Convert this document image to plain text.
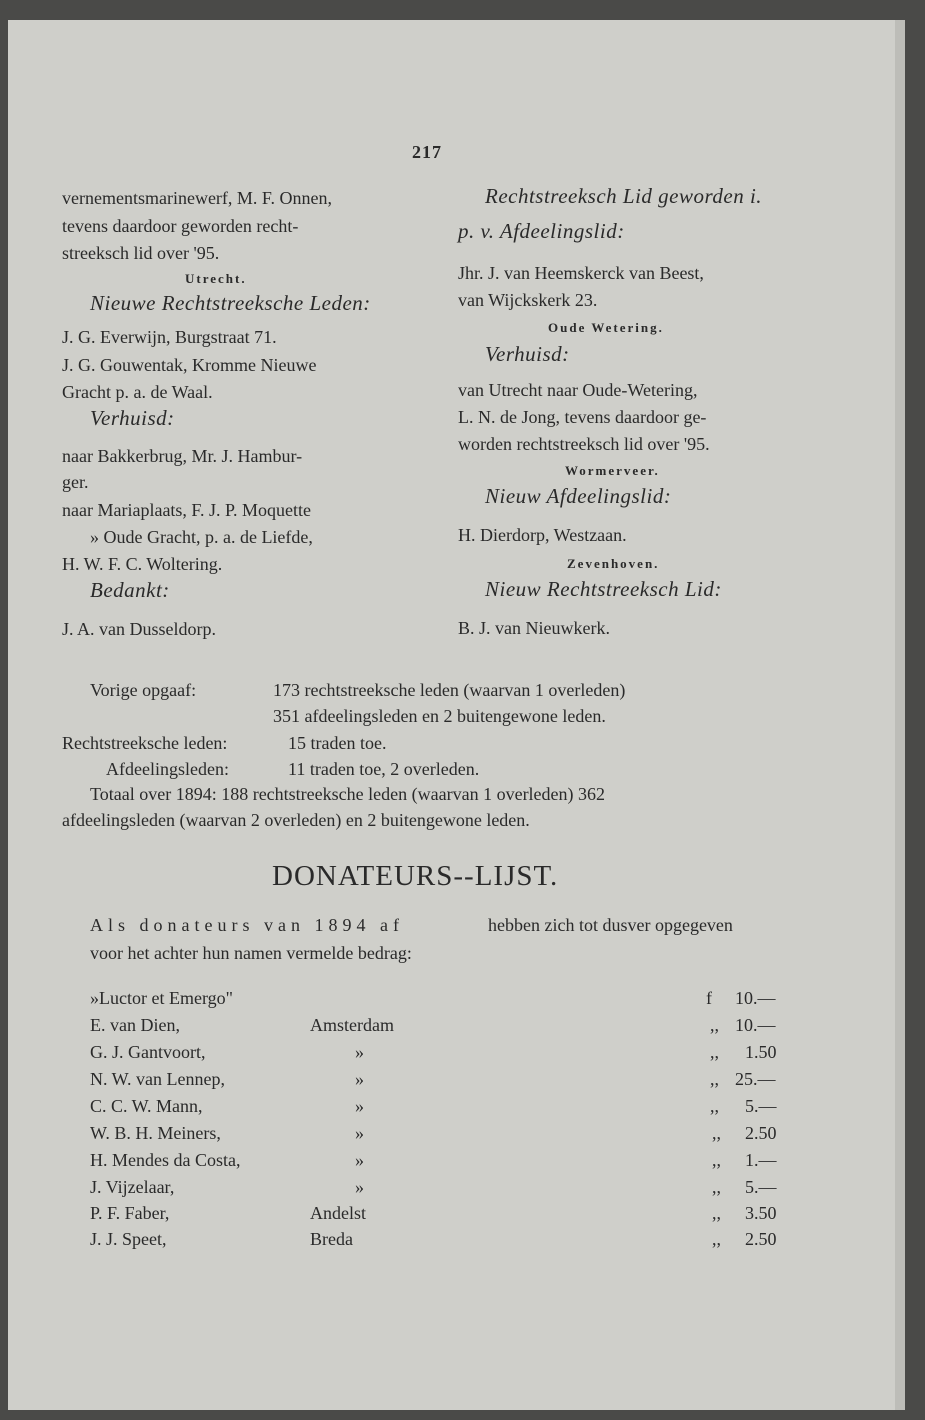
217
vernementsmarinewerf, M. F. Onnen,
tevens daardoor geworden recht-
streeksch lid over '95.
Utrecht.
Nieuwe Rechtstreeksche Leden:
J. G. Everwijn, Burgstraat 71.
J. G. Gouwentak, Kromme Nieuwe
Gracht p. a. de Waal.
Verhuisd:
naar Bakkerbrug, Mr. J. Hambur-
ger.
naar Mariaplaats, F. J. P. Moquette
» Oude Gracht, p. a. de Liefde,
H. W. F. C. Woltering.
Bedankt:
J. A. van Dusseldorp.
Rechtstreeksch Lid geworden i.
p. v. Afdeelingslid:
Jhr. J. van Heemskerck van Beest,
van Wijckskerk 23.
Oude Wetering.
Verhuisd:
van Utrecht naar Oude-Wetering,
L. N. de Jong, tevens daardoor ge-
worden rechtstreeksch lid over '95.
Wormerveer.
Nieuw Afdeelingslid:
H. Dierdorp, Westzaan.
Zevenhoven.
Nieuw Rechtstreeksch Lid:
B. J. van Nieuwkerk.
Vorige opgaaf:	173 rechtstreeksche leden (waarvan 1 overleden)
351 afdeelingsleden en 2 buitengewone leden.
Rechtstreeksche leden:	15 traden toe.
Afdeelingsleden:	11 traden toe, 2 overleden.
Totaal over 1894: 188 rechtstreeksche leden (waarvan 1 overleden) 362
afdeelingsleden (waarvan 2 overleden) en 2 buitengewone leden.
DONATEURS--LIJST.
Als donateurs van 1894 af	hebben zich tot dusver opgegeven
voor het achter hun namen vermelde bedrag:
»Luctor et Emergo"	f 10.—
E. van Dien,	Amsterdam	,, 10.—
G. J. Gantvoort,	»	,, 1.50
N. W. van Lennep,	»	,, 25.—
C. C. W. Mann,	»	,, 5.—
W. B. H. Meiners,	»	,, 2.50
H. Mendes da Costa,	»	,, 1.—
J. Vijzelaar,	»	,, 5.—
P. F. Faber,	Andelst	,, 3.50
J. J. Speet,	Breda	,, 2.50
